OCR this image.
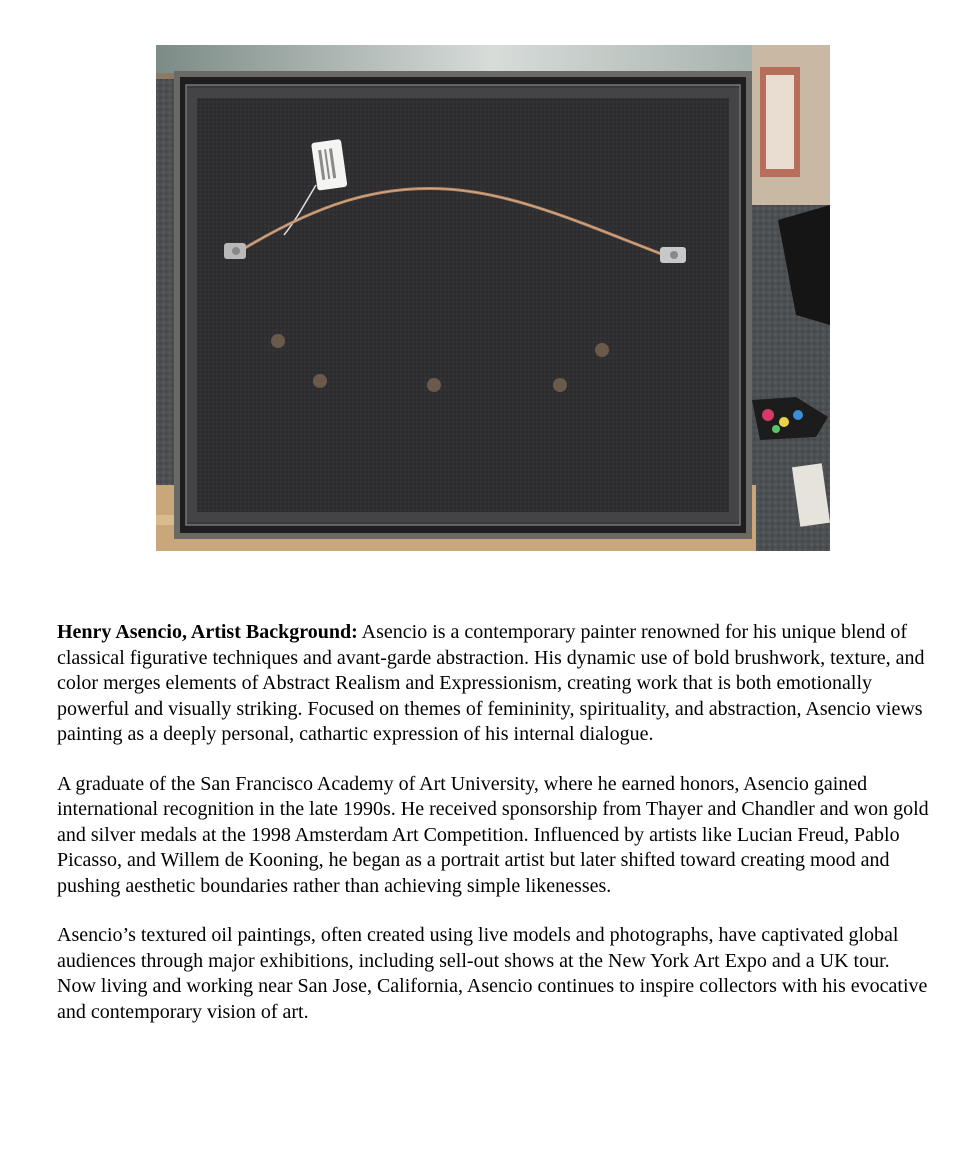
Henry Asencio, Artist Background: Asencio is a contemporary painter renowned for his unique blend of classical figurative techniques and avant-garde abstraction. His dynamic use of bold brushwork, texture, and color merges elements of Abstract Realism and Expressionism, creating work that is both emotionally powerful and visually striking. Focused on themes of femininity, spirituality, and abstraction, Asencio views painting as a deeply personal, cathartic expression of his internal dialogue.

A graduate of the San Francisco Academy of Art University, where he earned honors, Asencio gained international recognition in the late 1990s. He received sponsorship from Thayer and Chandler and won gold and silver medals at the 1998 Amsterdam Art Competition. Influenced by artists like Lucian Freud, Pablo Picasso, and Willem de Kooning, he began as a portrait artist but later shifted toward creating mood and pushing aesthetic boundaries rather than achieving simple likenesses.

Asencio’s textured oil paintings, often created using live models and photographs, have captivated global audiences through major exhibitions, including sell-out shows at the New York Art Expo and a UK tour. Now living and working near San Jose, California, Asencio continues to inspire collectors with his evocative and contemporary vision of art.
